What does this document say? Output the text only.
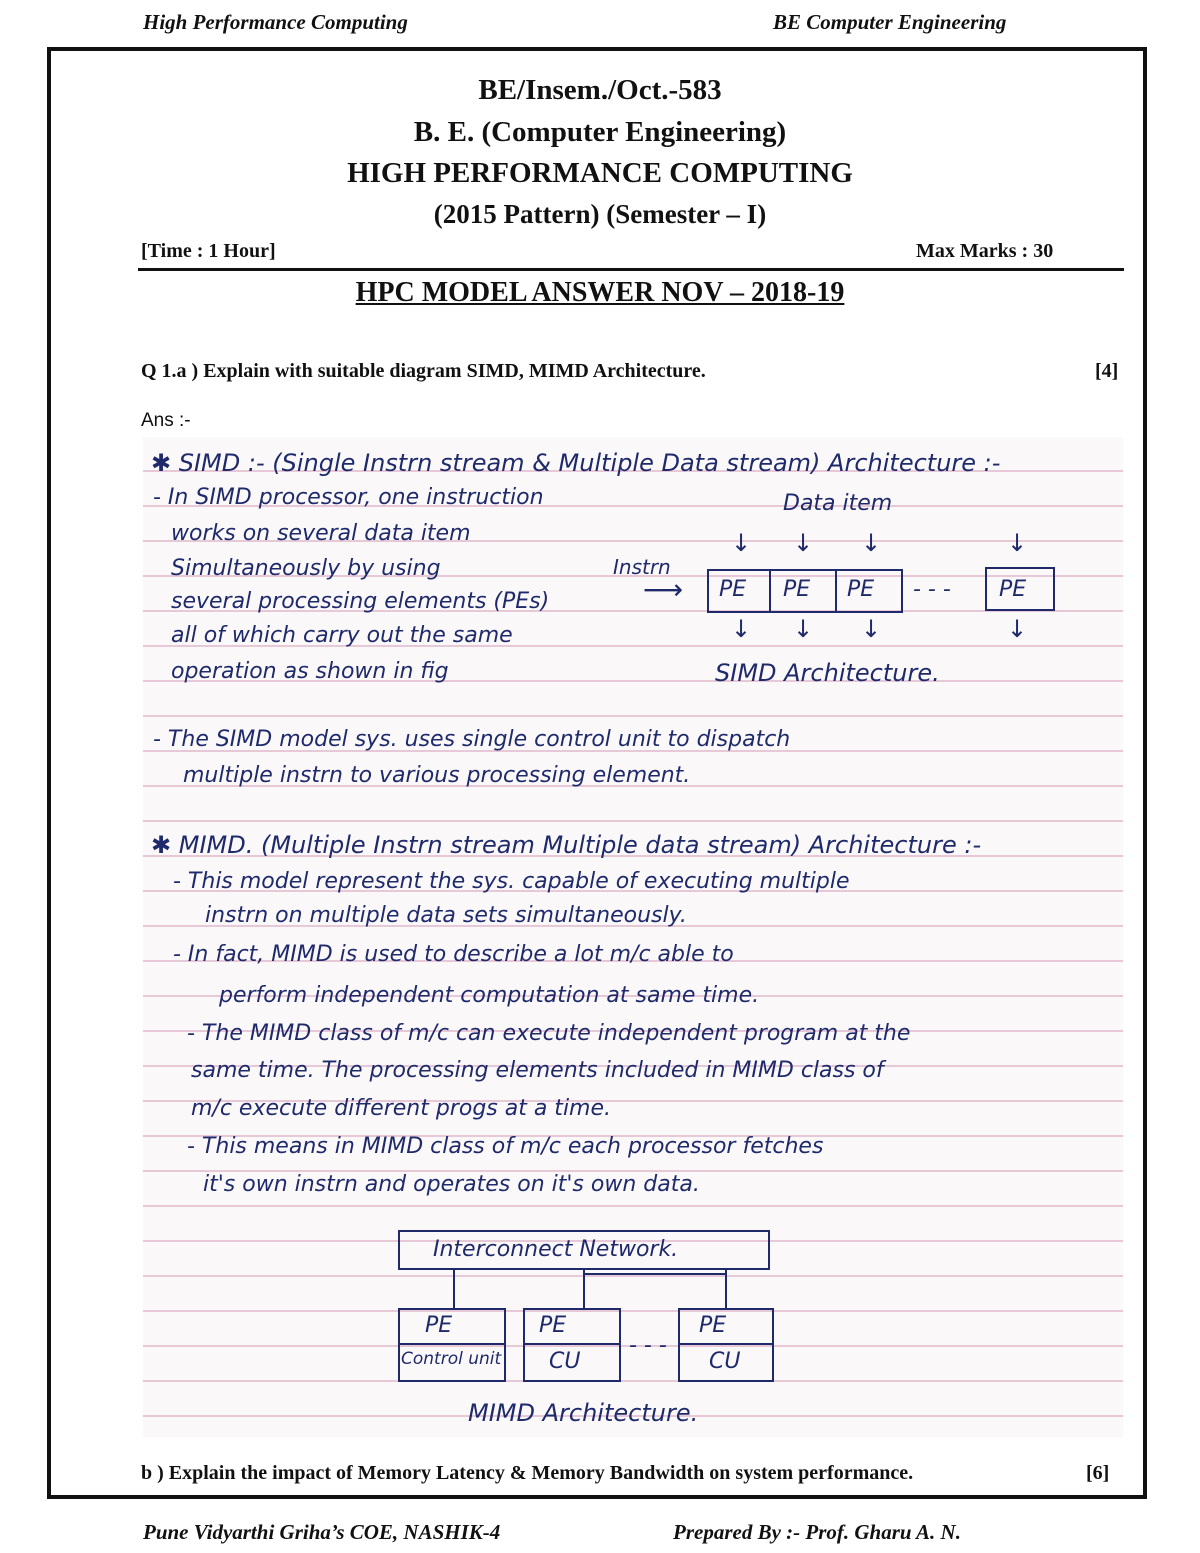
High Performance Computing	BE Computer Engineering
BE/Insem./Oct.-583
B. E. (Computer Engineering)
HIGH PERFORMANCE COMPUTING
(2015 Pattern) (Semester – I)
[Time : 1 Hour]	Max Marks : 30
HPC MODEL ANSWER NOV – 2018-19
Q 1.a ) Explain with suitable diagram SIMD, MIMD Architecture.	[4]
Ans :-
✱ SIMD :- (Single Instrn stream & Multiple Data stream) Architecture :-
- In SIMD processor, one instruction
works on several data item
Simultaneously by using
several processing elements (PEs)
all of which carry out the same
operation as shown in fig
Data item
↓ ↓ ↓	↓
Instrn
⟶ PE PE PE - - - PE
↓ ↓ ↓	↓
SIMD Architecture.
- The SIMD model sys. uses single control unit to dispatch
multiple instrn to various processing element.
✱ MIMD. (Multiple Instrn stream Multiple data stream) Architecture :-
- This model represent the sys. capable of executing multiple
instrn on multiple data sets simultaneously.
- In fact, MIMD is used to describe a lot m/c able to
perform independent computation at same time.
- The MIMD class of m/c can execute independent program at the
same time. The processing elements included in MIMD class of
m/c execute different progs at a time.
- This means in MIMD class of m/c each processor fetches
it's own instrn and operates on it's own data.
Interconnect Network.
PE
Control unit
PE
CU
- - -
PE
CU
MIMD Architecture.
b ) Explain the impact of Memory Latency & Memory Bandwidth on system performance.	[6]
Pune Vidyarthi Griha’s COE, NASHIK-4	Prepared By :- Prof. Gharu A. N.
